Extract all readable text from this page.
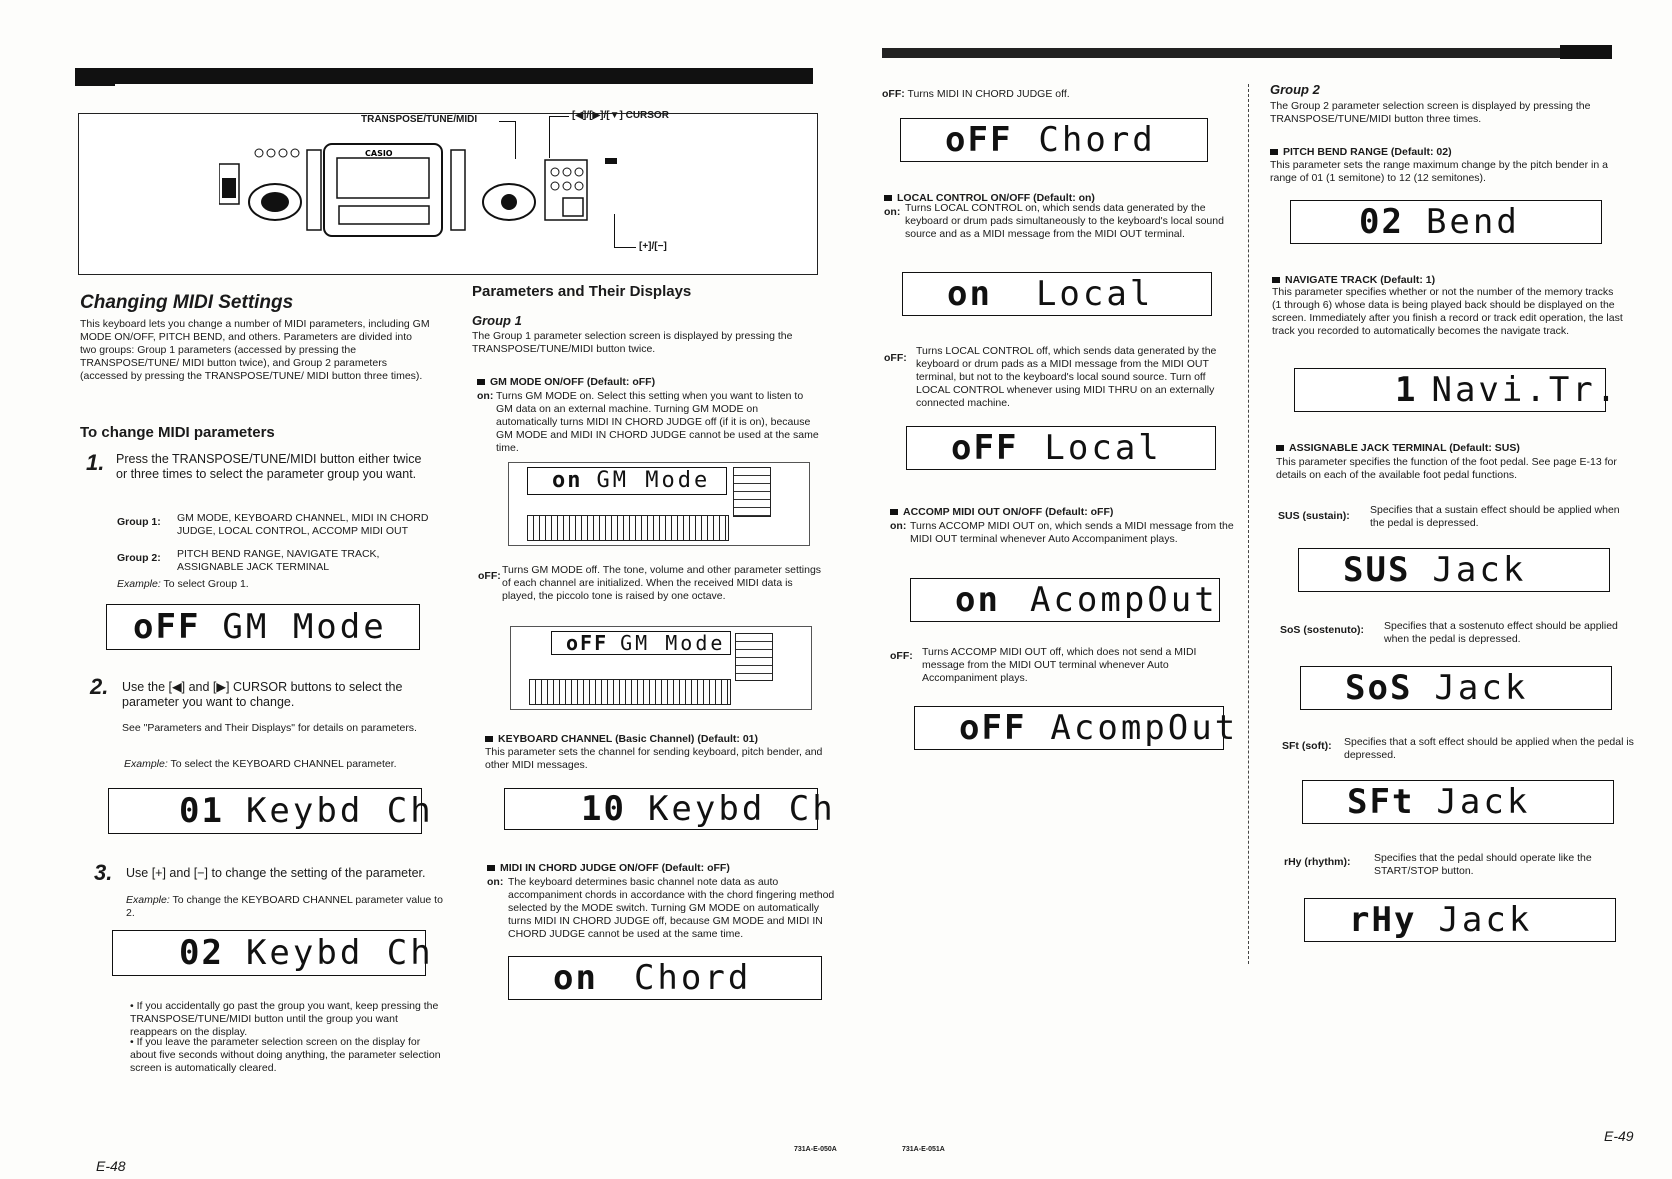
TRANSPOSE/TUNE/MIDI	[◀]/[▶]/[▼] CURSOR
[+]/[−]
CASIO
Changing MIDI Settings
This keyboard lets you change a number of MIDI parameters, including GM MODE ON/OFF, PITCH BEND, and others. Parameters are divided into two groups: Group 1 parameters (accessed by pressing the TRANSPOSE/TUNE/ MIDI button twice), and Group 2 parameters (accessed by pressing the TRANSPOSE/TUNE/ MIDI button three times).
To change MIDI parameters
1. Press the TRANSPOSE/TUNE/MIDI button either twice or three times to select the parameter group you want.
Group 1: GM MODE, KEYBOARD CHANNEL, MIDI IN CHORD JUDGE, LOCAL CONTROL, ACCOMP MIDI OUT
Group 2: PITCH BEND RANGE, NAVIGATE TRACK, ASSIGNABLE JACK TERMINAL
Example: To select Group 1.
oFF GM Mode
2. Use the [◀] and [▶] CURSOR buttons to select the parameter you want to change.
See "Parameters and Their Displays" for details on parameters.
Example: To select the KEYBOARD CHANNEL parameter.
01 Keybd Ch
3. Use [+] and [−] to change the setting of the parameter.
Example: To change the KEYBOARD CHANNEL parameter value to 2.
02 Keybd Ch
• If you accidentally go past the group you want, keep pressing the TRANSPOSE/TUNE/MIDI button until the group you want reappears on the display.
• If you leave the parameter selection screen on the display for about five seconds without doing anything, the parameter selection screen is automatically cleared.
E-48
Parameters and Their Displays
Group 1
The Group 1 parameter selection screen is displayed by pressing the TRANSPOSE/TUNE/MIDI button twice.
GM MODE ON/OFF (Default: oFF)
on: Turns GM MODE on. Select this setting when you want to listen to GM data on an external machine. Turning GM MODE on automatically turns MIDI IN CHORD JUDGE off (if it is on), because GM MODE and MIDI IN CHORD JUDGE cannot be used at the same time.
on GM Mode
oFF: Turns GM MODE off. The tone, volume and other parameter settings of each channel are initialized. When the received MIDI data is played, the piccolo tone is raised by one octave.
oFF GM Mode
KEYBOARD CHANNEL (Basic Channel) (Default: 01)
This parameter sets the channel for sending keyboard, pitch bender, and other MIDI messages.
10 Keybd Ch
MIDI IN CHORD JUDGE ON/OFF (Default: oFF)
on: The keyboard determines basic channel note data as auto accompaniment chords in accordance with the chord fingering method selected by the MODE switch. Turning GM MODE on automatically turns MIDI IN CHORD JUDGE off, because GM MODE and MIDI IN CHORD JUDGE cannot be used at the same time.
on Chord
731A-E-050A
oFF: Turns MIDI IN CHORD JUDGE off.
oFF Chord
LOCAL CONTROL ON/OFF (Default: on)
on: Turns LOCAL CONTROL on, which sends data generated by the keyboard or drum pads simultaneously to the keyboard's local sound source and as a MIDI message from the MIDI OUT terminal.
on Local
oFF:
Turns LOCAL CONTROL off, which sends data generated by the keyboard or drum pads as a MIDI message from the MIDI OUT terminal, but not to the keyboard's local sound source. Turn off LOCAL CONTROL whenever using MIDI THRU on an externally connected machine.
oFF Local
ACCOMP MIDI OUT ON/OFF (Default: oFF)
on: Turns ACCOMP MIDI OUT on, which sends a MIDI message from the MIDI OUT terminal whenever Auto Accompaniment plays.
on AcompOut
oFF: Turns ACCOMP MIDI OUT off, which does not send a MIDI message from the MIDI OUT terminal whenever Auto Accompaniment plays.
oFF AcompOut
731A-E-051A
Group 2
The Group 2 parameter selection screen is displayed by pressing the TRANSPOSE/TUNE/MIDI button three times.
PITCH BEND RANGE (Default: 02)
This parameter sets the range maximum change by the pitch bender in a range of 01 (1 semitone) to 12 (12 semitones).
02 Bend
NAVIGATE TRACK (Default: 1)
This parameter specifies whether or not the number of the memory tracks (1 through 6) whose data is being played back should be displayed on the screen. Immediately after you finish a record or track edit operation, the last track you recorded to automatically becomes the navigate track.
1 Navi.Tr.
ASSIGNABLE JACK TERMINAL (Default: SUS)
This parameter specifies the function of the foot pedal. See page E-13 for details on each of the available foot pedal functions.
SUS (sustain): Specifies that a sustain effect should be applied when the pedal is depressed.
SUS Jack
SoS (sostenuto): Specifies that a sostenuto effect should be applied when the pedal is depressed.
SoS Jack
SFt (soft): Specifies that a soft effect should be applied when the pedal is depressed.
SFt Jack
rHy (rhythm): Specifies that the pedal should operate like the START/STOP button.
rHy Jack
E-49
